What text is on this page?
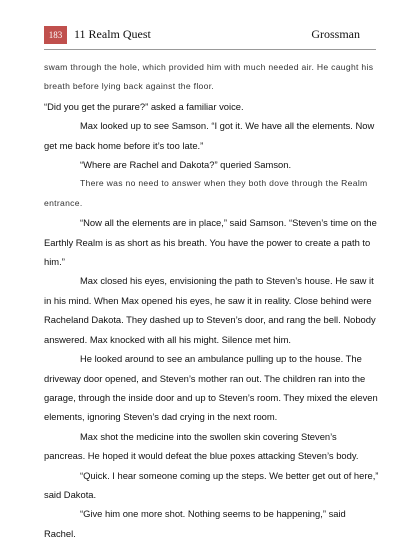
183 11 Realm Quest	Grossman

swam through the hole, which provided him with much needed air. He caught his breath before lying back against the floor.

“Did you get the purare?” asked a familiar voice.

Max looked up to see Samson. “I got it. We have all the elements. Now get me back home before it’s too late.”

“Where are Rachel and Dakota?” queried Samson.

There was no need to answer when they both dove through the Realm entrance.

“Now all the elements are in place,” said Samson. “Steven’s time on the Earthly Realm is as short as his breath. You have the power to create a path to him.”

Max closed his eyes, envisioning the path to Steven’s house. He saw it in his mind. When Max opened his eyes, he saw it in reality. Close behind were Racheland Dakota. They dashed up to Steven’s door, and rang the bell. Nobody answered. Max knocked with all his might. Silence met him.

He looked around to see an ambulance pulling up to the house. The driveway door opened, and Steven’s mother ran out. The children ran into the garage, through the inside door and up to Steven’s room. They mixed the eleven elements, ignoring Steven’s dad crying in the next room.

Max shot the medicine into the swollen skin covering Steven’s pancreas. He hoped it would defeat the blue poxes attacking Steven’s body.

“Quick. I hear someone coming up the steps. We better get out of here,” said Dakota.

“Give him one more shot. Nothing seems to be happening,” said Rachel.
